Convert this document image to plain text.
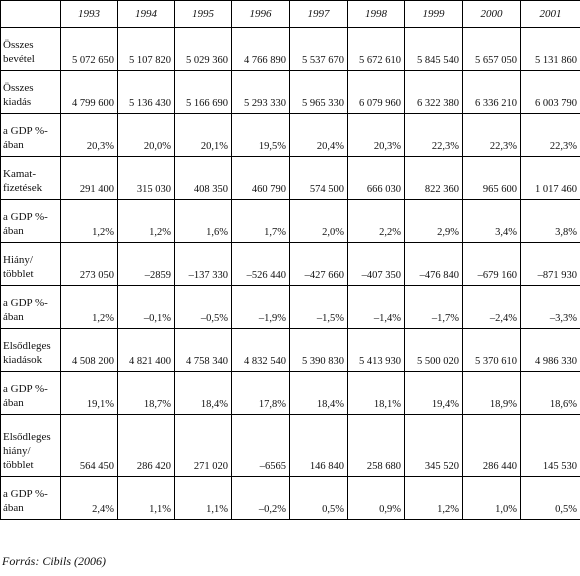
	1993	1994	1995	1996	1997	1998	1999	2000	2001
Összes bevétel	5 072 650	5 107 820	5 029 360	4 766 890	5 537 670	5 672 610	5 845 540	5 657 050	5 131 860
Összes kiadás	4 799 600	5 136 430	5 166 690	5 293 330	5 965 330	6 079 960	6 322 380	6 336 210	6 003 790
a GDP %-ában	20,3%	20,0%	20,1%	19,5%	20,4%	20,3%	22,3%	22,3%	22,3%
Kamat-fizetések	291 400	315 030	408 350	460 790	574 500	666 030	822 360	965 600	1 017 460
a GDP %-ában	1,2%	1,2%	1,6%	1,7%	2,0%	2,2%	2,9%	3,4%	3,8%
Hiány/ többlet	273 050	–2859	–137 330	–526 440	–427 660	–407 350	–476 840	–679 160	–871 930
a GDP %-ában	1,2%	–0,1%	–0,5%	–1,9%	–1,5%	–1,4%	–1,7%	–2,4%	–3,3%
Elsődleges kiadások	4 508 200	4 821 400	4 758 340	4 832 540	5 390 830	5 413 930	5 500 020	5 370 610	4 986 330
a GDP %-ában	19,1%	18,7%	18,4%	17,8%	18,4%	18,1%	19,4%	18,9%	18,6%
Elsődleges hiány/ többlet	564 450	286 420	271 020	–6565	146 840	258 680	345 520	286 440	145 530
a GDP %-ában	2,4%	1,1%	1,1%	–0,2%	0,5%	0,9%	1,2%	1,0%	0,5%
Forrás: Cibils (2006)
